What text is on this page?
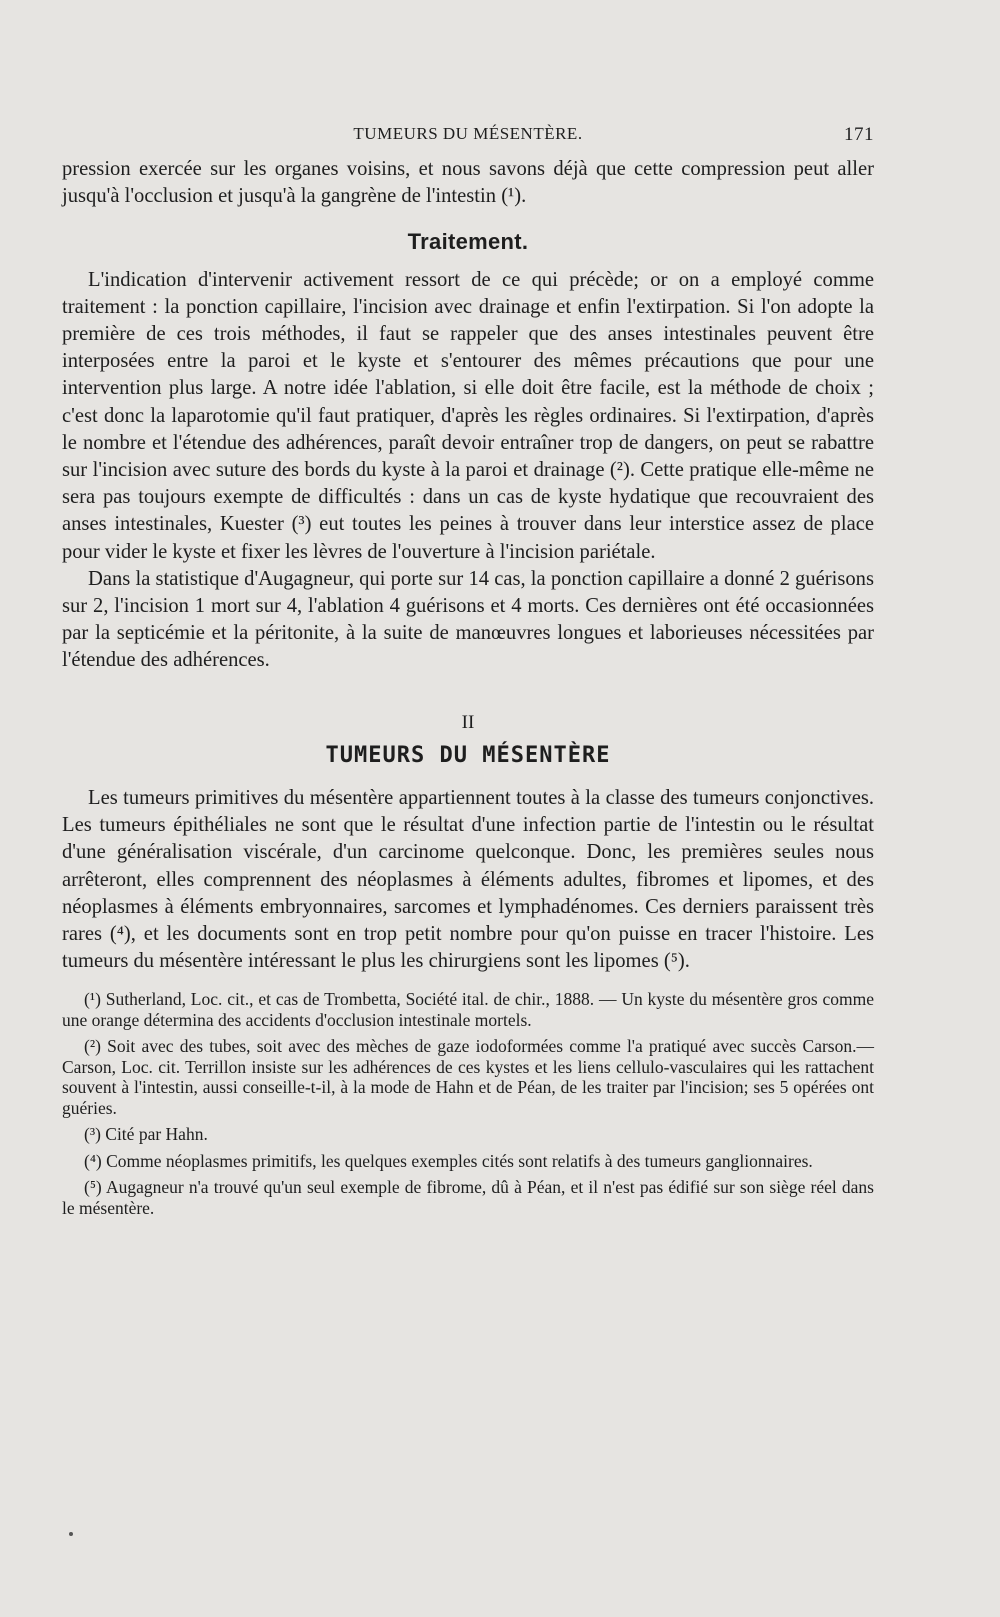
TUMEURS DU MÉSENTÈRE.	171

pression exercée sur les organes voisins, et nous savons déjà que cette compression peut aller jusqu'à l'occlusion et jusqu'à la gangrène de l'intestin (¹).

Traitement.

L'indication d'intervenir activement ressort de ce qui précède; or on a employé comme traitement : la ponction capillaire, l'incision avec drainage et enfin l'extirpation. Si l'on adopte la première de ces trois méthodes, il faut se rappeler que des anses intestinales peuvent être interposées entre la paroi et le kyste et s'entourer des mêmes précautions que pour une intervention plus large. A notre idée l'ablation, si elle doit être facile, est la méthode de choix ; c'est donc la laparotomie qu'il faut pratiquer, d'après les règles ordinaires. Si l'extirpation, d'après le nombre et l'étendue des adhérences, paraît devoir entraîner trop de dangers, on peut se rabattre sur l'incision avec suture des bords du kyste à la paroi et drainage (²). Cette pratique elle-même ne sera pas toujours exempte de difficultés : dans un cas de kyste hydatique que recouvraient des anses intestinales, Kuester (³) eut toutes les peines à trouver dans leur interstice assez de place pour vider le kyste et fixer les lèvres de l'ouverture à l'incision pariétale.

Dans la statistique d'Augagneur, qui porte sur 14 cas, la ponction capillaire a donné 2 guérisons sur 2, l'incision 1 mort sur 4, l'ablation 4 guérisons et 4 morts. Ces dernières ont été occasionnées par la septicémie et la péritonite, à la suite de manœuvres longues et laborieuses nécessitées par l'étendue des adhérences.

II
TUMEURS DU MÉSENTÈRE

Les tumeurs primitives du mésentère appartiennent toutes à la classe des tumeurs conjonctives. Les tumeurs épithéliales ne sont que le résultat d'une infection partie de l'intestin ou le résultat d'une généralisation viscérale, d'un carcinome quelconque. Donc, les premières seules nous arrêteront, elles comprennent des néoplasmes à éléments adultes, fibromes et lipomes, et des néoplasmes à éléments embryonnaires, sarcomes et lymphadénomes. Ces derniers paraissent très rares (⁴), et les documents sont en trop petit nombre pour qu'on puisse en tracer l'histoire. Les tumeurs du mésentère intéressant le plus les chirurgiens sont les lipomes (⁵).

(¹) Sutherland, Loc. cit., et cas de Trombetta, Société ital. de chir., 1888. — Un kyste du mésentère gros comme une orange détermina des accidents d'occlusion intestinale mortels.

(²) Soit avec des tubes, soit avec des mèches de gaze iodoformées comme l'a pratiqué avec succès Carson.— Carson, Loc. cit. Terrillon insiste sur les adhérences de ces kystes et les liens cellulo-vasculaires qui les rattachent souvent à l'intestin, aussi conseille-t-il, à la mode de Hahn et de Péan, de les traiter par l'incision; ses 5 opérées ont guéries.

(³) Cité par Hahn.

(⁴) Comme néoplasmes primitifs, les quelques exemples cités sont relatifs à des tumeurs ganglionnaires.

(⁵) Augagneur n'a trouvé qu'un seul exemple de fibrome, dû à Péan, et il n'est pas édifié sur son siège réel dans le mésentère.
